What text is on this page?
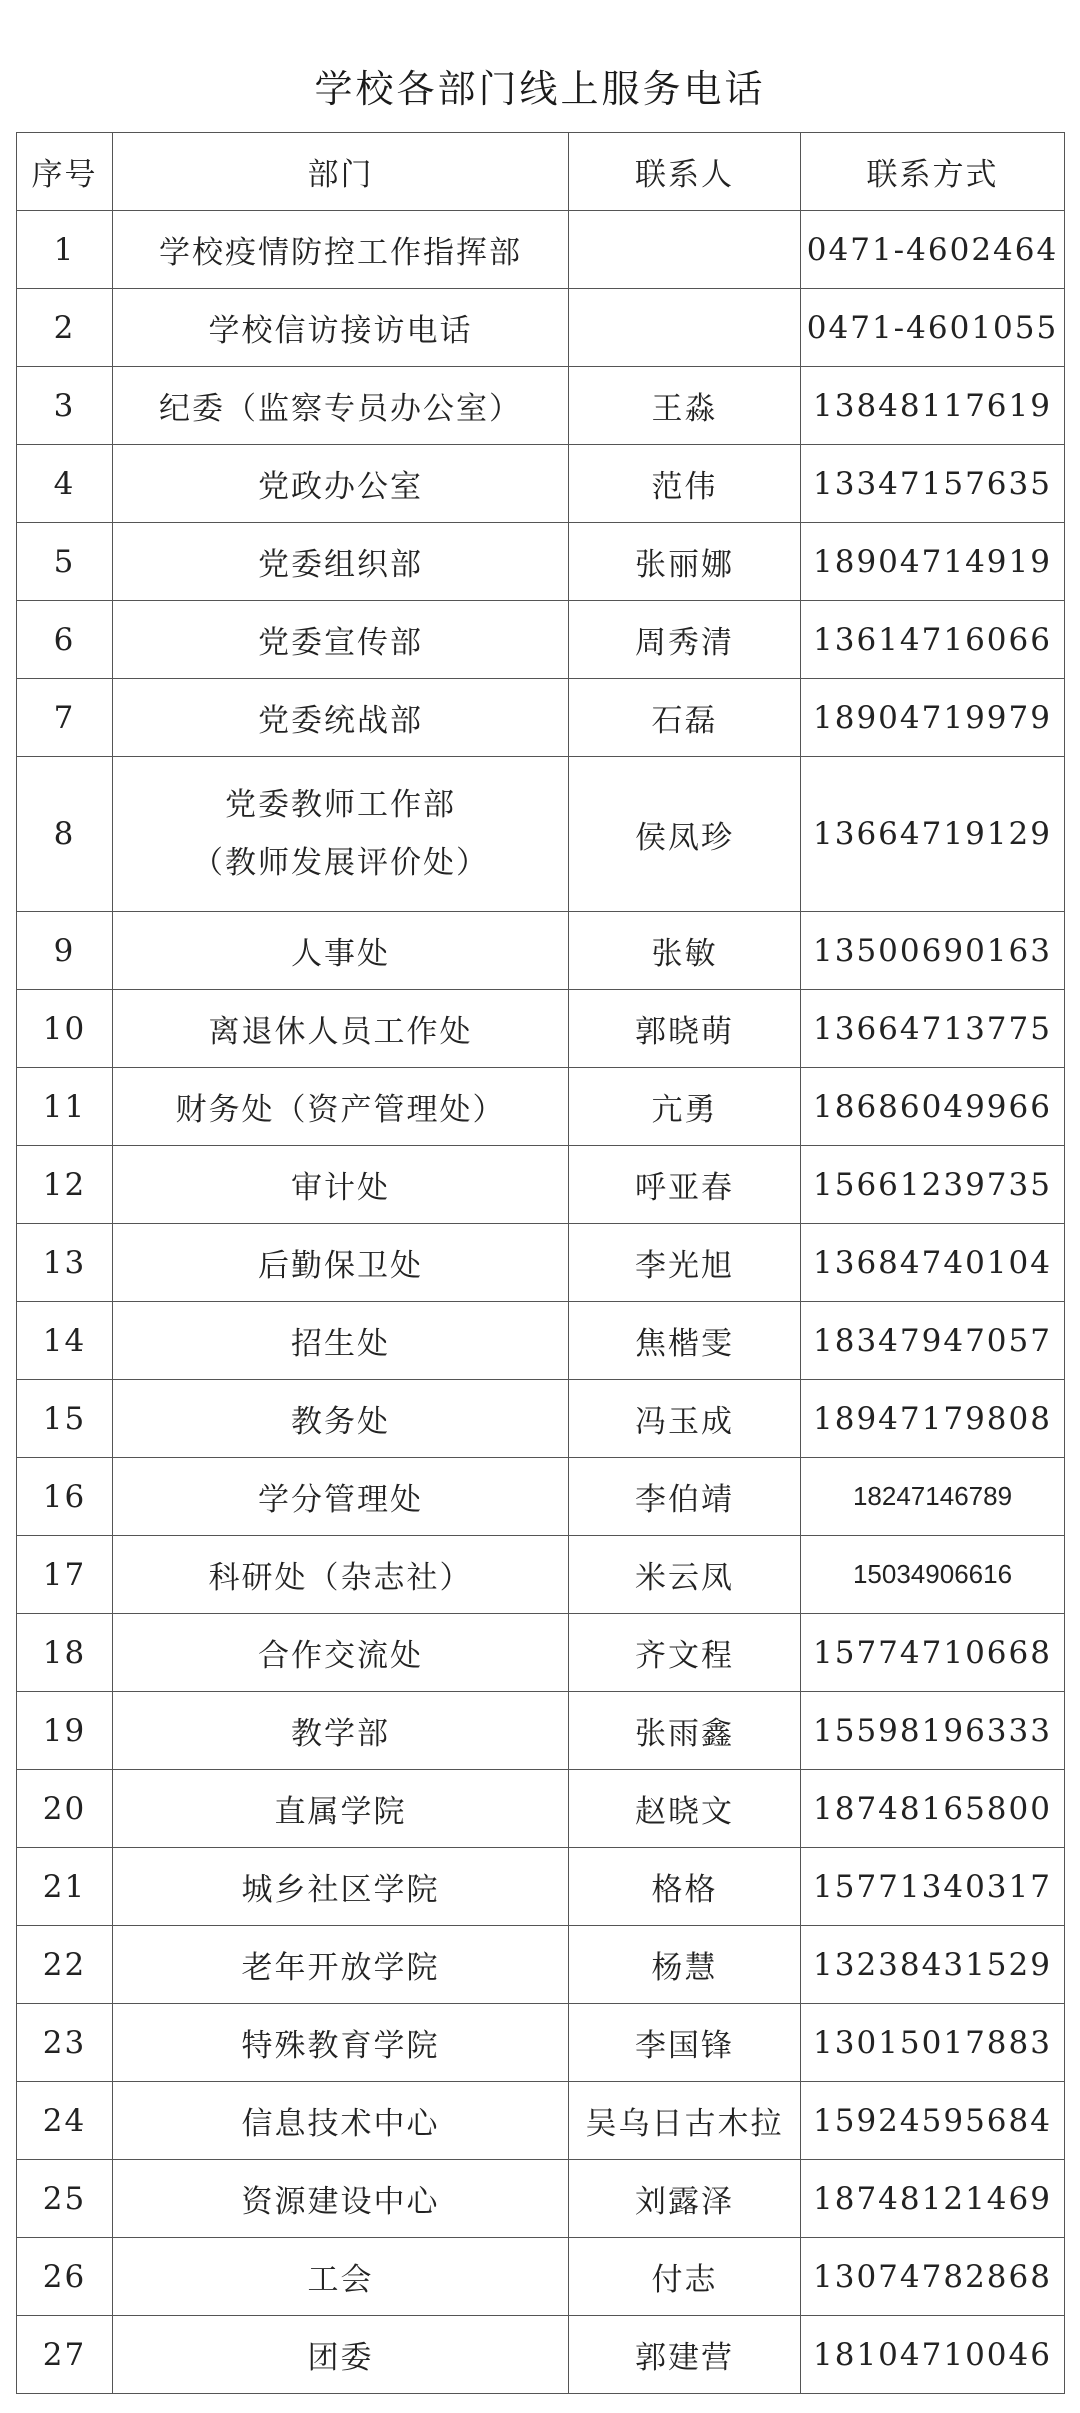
学校各部门线上服务电话
序号	部门	联系人	联系方式
1	学校疫情防控工作指挥部		0471-4602464
2	学校信访接访电话		0471-4601055
3	纪委（监察专员办公室）	王淼	13848117619
4	党政办公室	范伟	13347157635
5	党委组织部	张丽娜	18904714919
6	党委宣传部	周秀清	13614716066
7	党委统战部	石磊	18904719979
8	党委教师工作部
（教师发展评价处）	侯凤珍	13664719129
9	人事处	张敏	13500690163
10	离退休人员工作处	郭晓萌	13664713775
11	财务处（资产管理处）	亢勇	18686049966
12	审计处	呼亚春	15661239735
13	后勤保卫处	李光旭	13684740104
14	招生处	焦楷雯	18347947057
15	教务处	冯玉成	18947179808
16	学分管理处	李伯靖	18247146789
17	科研处（杂志社）	米云凤	15034906616
18	合作交流处	齐文程	15774710668
19	教学部	张雨鑫	15598196333
20	直属学院	赵晓文	18748165800
21	城乡社区学院	格格	15771340317
22	老年开放学院	杨慧	13238431529
23	特殊教育学院	李国锋	13015017883
24	信息技术中心	吴乌日古木拉	15924595684
25	资源建设中心	刘露泽	18748121469
26	工会	付志	13074782868
27	团委	郭建营	18104710046
